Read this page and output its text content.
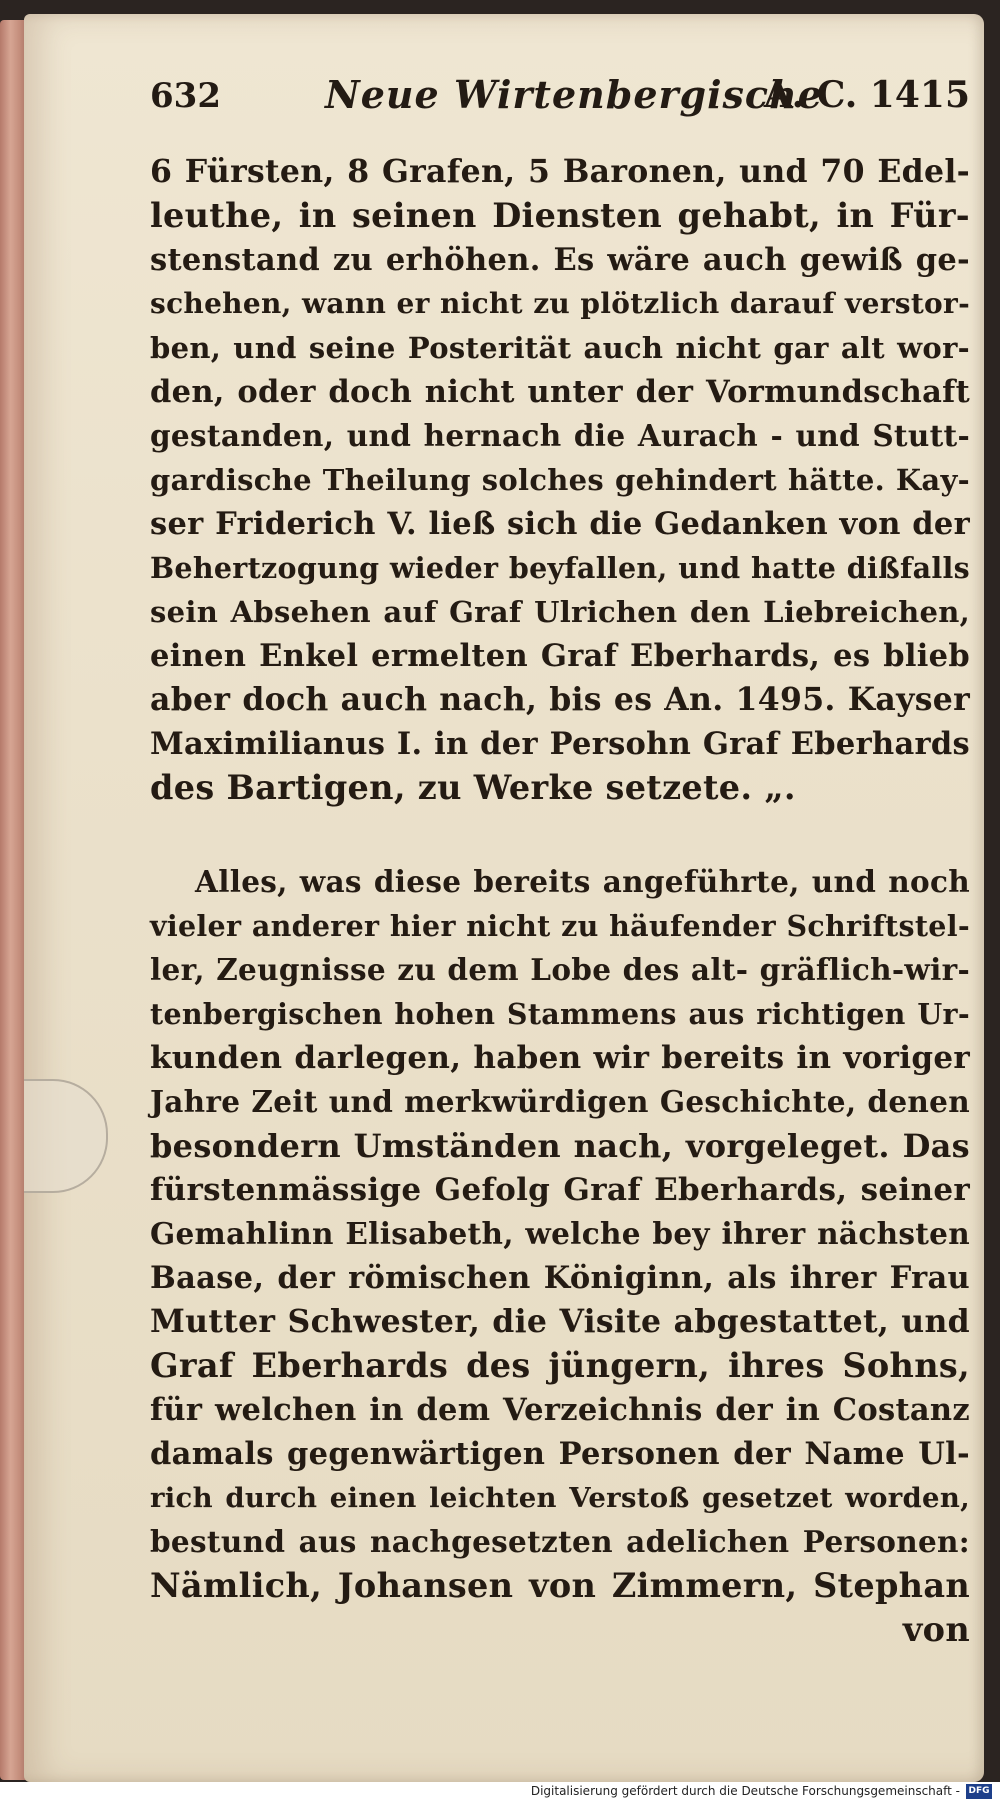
632	Neue Wirtenbergische
A. C. 1415
6 Fürsten, 8 Grafen, 5 Baronen, und 70 Edel-
leuthe, in seinen Diensten gehabt, in Für-
stenstand zu erhöhen. Es wäre auch gewiß ge-
schehen, wann er nicht zu plötzlich darauf verstor-
ben, und seine Posterität auch nicht gar alt wor-
den, oder doch nicht unter der Vormundschaft
gestanden, und hernach die Aurach - und Stutt-
gardische Theilung solches gehindert hätte. Kay-
ser Friderich V. ließ sich die Gedanken von der
Behertzogung wieder beyfallen, und hatte dißfalls
sein Absehen auf Graf Ulrichen den Liebreichen,
einen Enkel ermelten Graf Eberhards, es blieb
aber doch auch nach, bis es An. 1495. Kayser
Maximilianus I. in der Persohn Graf Eberhards
des Bartigen, zu Werke setzete. „.
Alles, was diese bereits angeführte, und noch
vieler anderer hier nicht zu häufender Schriftstel-
ler, Zeugnisse zu dem Lobe des alt- gräflich-wir-
tenbergischen hohen Stammens aus richtigen Ur-
kunden darlegen, haben wir bereits in voriger
Jahre Zeit und merkwürdigen Geschichte, denen
besondern Umständen nach, vorgeleget. Das
fürstenmässige Gefolg Graf Eberhards, seiner
Gemahlinn Elisabeth, welche bey ihrer nächsten
Baase, der römischen Königinn, als ihrer Frau
Mutter Schwester, die Visite abgestattet, und
Graf Eberhards des jüngern, ihres Sohns,
für welchen in dem Verzeichnis der in Costanz
damals gegenwärtigen Personen der Name Ul-
rich durch einen leichten Verstoß gesetzet worden,
bestund aus nachgesetzten adelichen Personen:
Nämlich, Johansen von Zimmern, Stephan
von
Digitalisierung gefördert durch die Deutsche Forschungsgemeinschaft - DFG
